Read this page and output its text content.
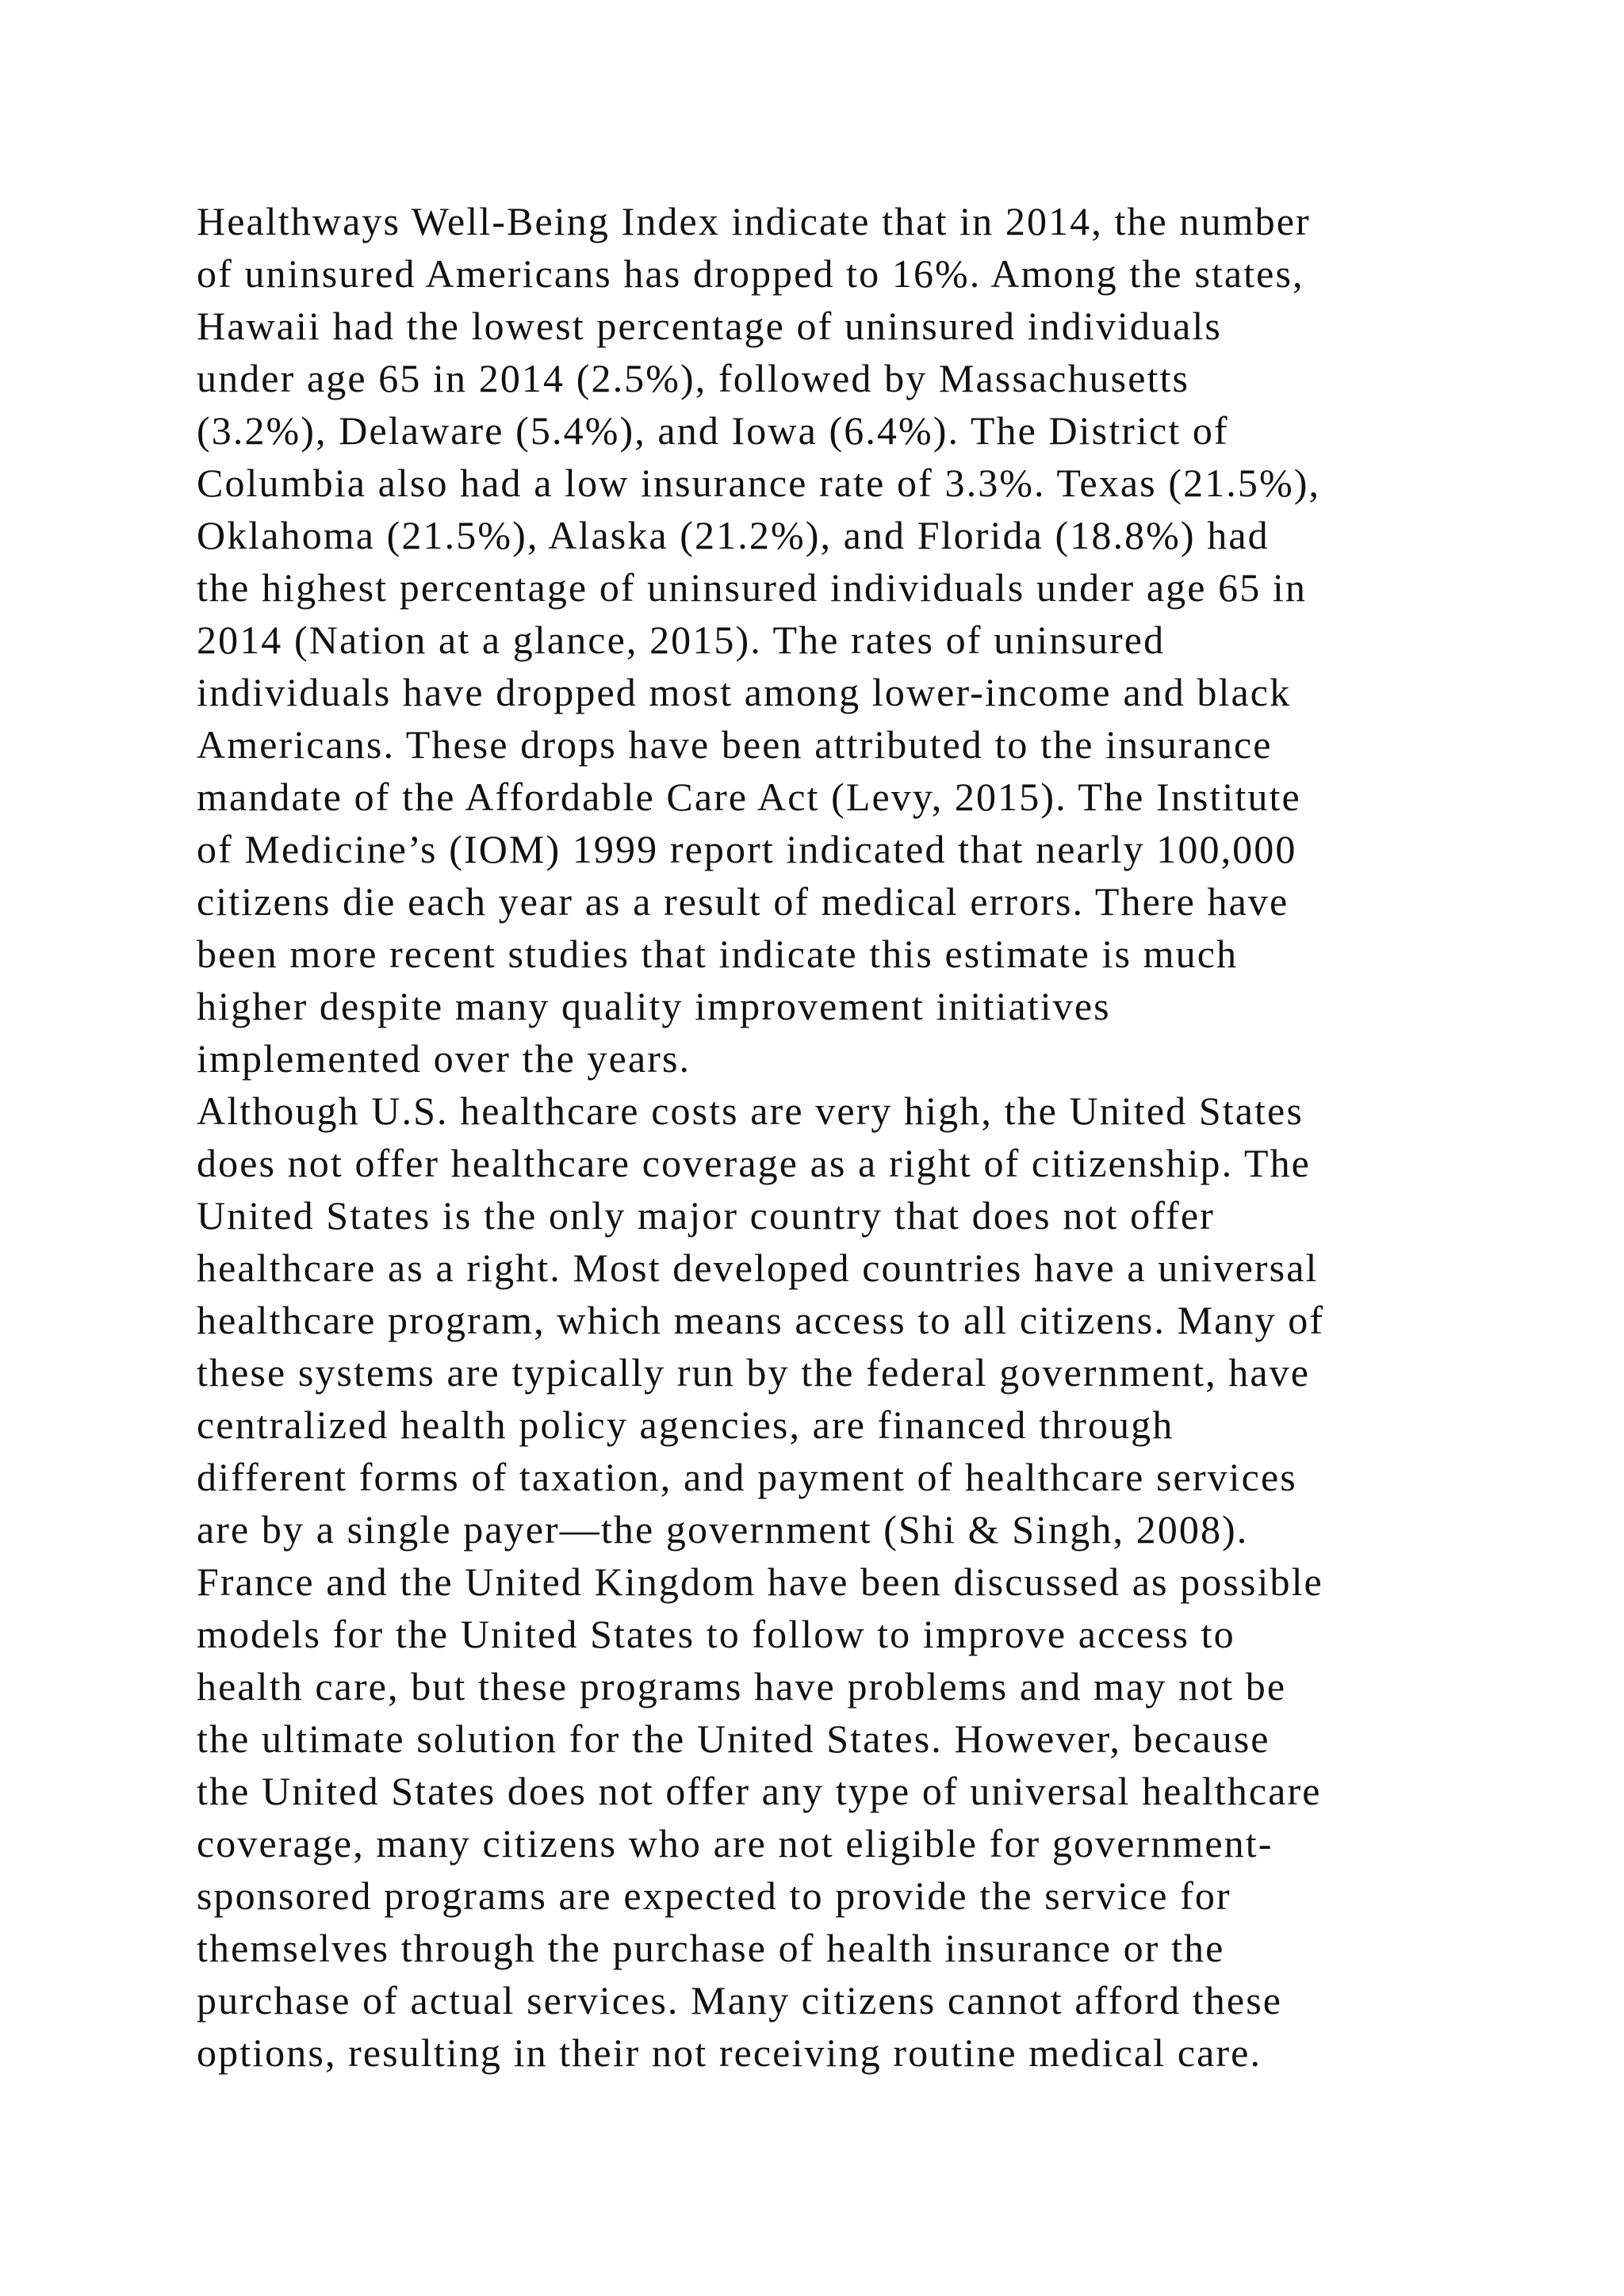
Healthways Well-Being Index indicate that in 2014, the number
of uninsured Americans has dropped to 16%. Among the states,
Hawaii had the lowest percentage of uninsured individuals
under age 65 in 2014 (2.5%), followed by Massachusetts
(3.2%), Delaware (5.4%), and Iowa (6.4%). The District of
Columbia also had a low insurance rate of 3.3%. Texas (21.5%),
Oklahoma (21.5%), Alaska (21.2%), and Florida (18.8%) had
the highest percentage of uninsured individuals under age 65 in
2014 (Nation at a glance, 2015). The rates of uninsured
individuals have dropped most among lower-income and black
Americans. These drops have been attributed to the insurance
mandate of the Affordable Care Act (Levy, 2015). The Institute
of Medicine’s (IOM) 1999 report indicated that nearly 100,000
citizens die each year as a result of medical errors. There have
been more recent studies that indicate this estimate is much
higher despite many quality improvement initiatives
implemented over the years.
Although U.S. healthcare costs are very high, the United States
does not offer healthcare coverage as a right of citizenship. The
United States is the only major country that does not offer
healthcare as a right. Most developed countries have a universal
healthcare program, which means access to all citizens. Many of
these systems are typically run by the federal government, have
centralized health policy agencies, are financed through
different forms of taxation, and payment of healthcare services
are by a single payer—the government (Shi & Singh, 2008).
France and the United Kingdom have been discussed as possible
models for the United States to follow to improve access to
health care, but these programs have problems and may not be
the ultimate solution for the United States. However, because
the United States does not offer any type of universal healthcare
coverage, many citizens who are not eligible for government-
sponsored programs are expected to provide the service for
themselves through the purchase of health insurance or the
purchase of actual services. Many citizens cannot afford these
options, resulting in their not receiving routine medical care.
